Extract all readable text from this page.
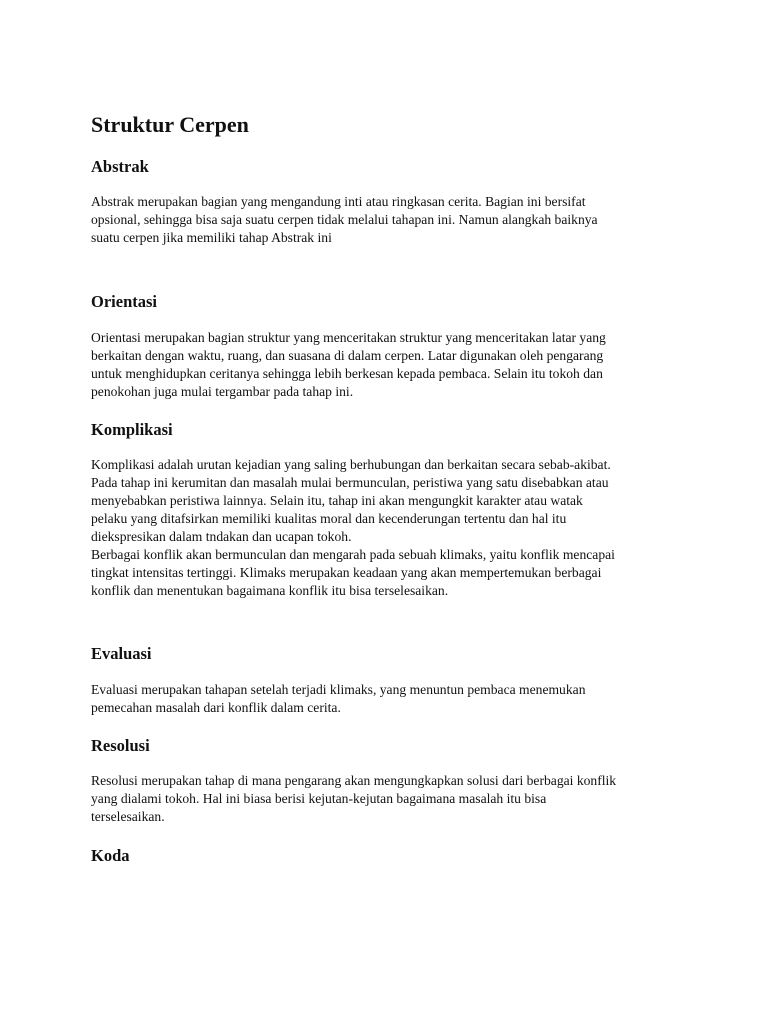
Struktur Cerpen
Abstrak

Abstrak merupakan bagian yang mengandung inti atau ringkasan cerita. Bagian ini bersifat
opsional, sehingga bisa saja suatu cerpen tidak melalui tahapan ini. Namun alangkah baiknya
suatu cerpen jika memiliki tahap Abstrak ini

Orientasi

Orientasi merupakan bagian struktur yang menceritakan struktur yang menceritakan latar yang
berkaitan dengan waktu, ruang, dan suasana di dalam cerpen. Latar digunakan oleh pengarang
untuk menghidupkan ceritanya sehingga lebih berkesan kepada pembaca. Selain itu tokoh dan
penokohan juga mulai tergambar pada tahap ini.

Komplikasi

Komplikasi adalah urutan kejadian yang saling berhubungan dan berkaitan secara sebab-akibat.
Pada tahap ini kerumitan dan masalah mulai bermunculan, peristiwa yang satu disebabkan atau
menyebabkan peristiwa lainnya. Selain itu, tahap ini akan mengungkit karakter atau watak
pelaku yang ditafsirkan memiliki kualitas moral dan kecenderungan tertentu dan hal itu
diekspresikan dalam tndakan dan ucapan tokoh.
Berbagai konflik akan bermunculan dan mengarah pada sebuah klimaks, yaitu konflik mencapai
tingkat intensitas tertinggi. Klimaks merupakan keadaan yang akan mempertemukan berbagai
konflik dan menentukan bagaimana konflik itu bisa terselesaikan.

Evaluasi

Evaluasi merupakan tahapan setelah terjadi klimaks, yang menuntun pembaca menemukan
pemecahan masalah dari konflik dalam cerita.

Resolusi

Resolusi merupakan tahap di mana pengarang akan mengungkapkan solusi dari berbagai konflik
yang dialami tokoh. Hal ini biasa berisi kejutan-kejutan bagaimana masalah itu bisa
terselesaikan.

Koda
